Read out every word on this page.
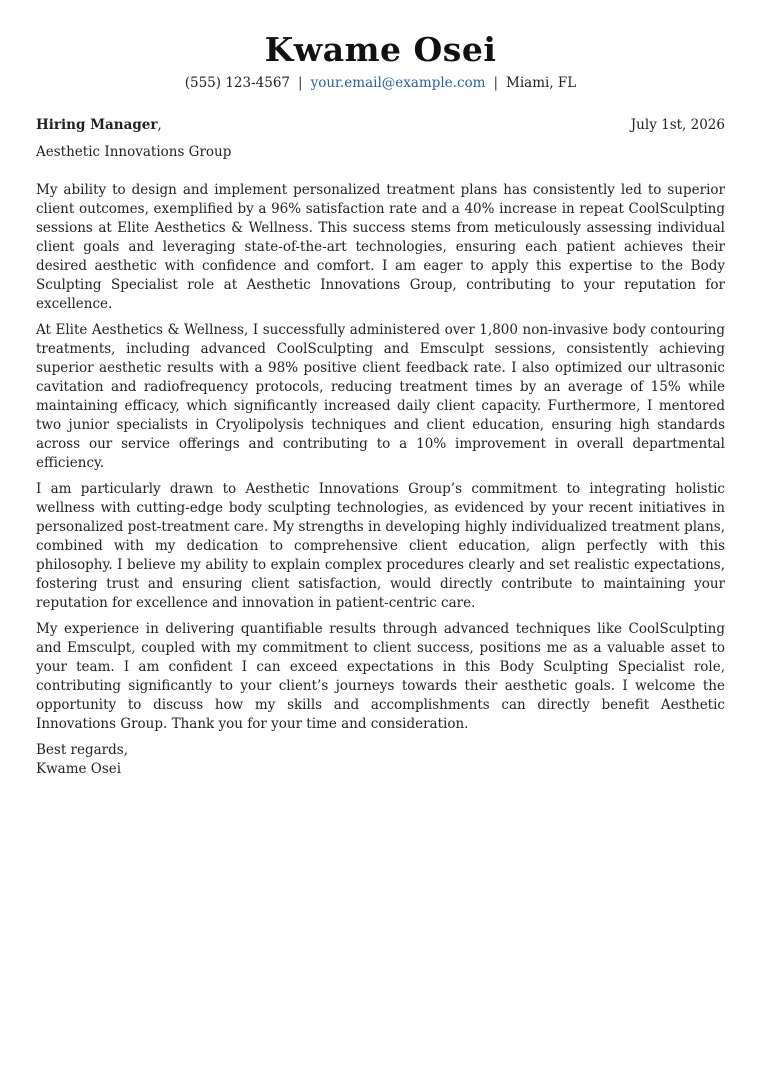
Kwame Osei
(555) 123-4567 | your.email@example.com | Miami, FL
Hiring Manager,	July 1st, 2026
Aesthetic Innovations Group

My ability to design and implement personalized treatment plans has consistently led to superior client outcomes, exemplified by a 96% satisfaction rate and a 40% increase in repeat CoolSculpting sessions at Elite Aesthetics & Wellness. This success stems from meticulously assessing individual client goals and leveraging state-of-the-art technologies, ensuring each patient achieves their desired aesthetic with confidence and comfort. I am eager to apply this expertise to the Body Sculpting Specialist role at Aesthetic Innovations Group, contributing to your reputation for excellence.

At Elite Aesthetics & Wellness, I successfully administered over 1,800 non-invasive body contouring treatments, including advanced CoolSculpting and Emsculpt sessions, consistently achieving superior aesthetic results with a 98% positive client feedback rate. I also optimized our ultrasonic cavitation and radiofrequency protocols, reducing treatment times by an average of 15% while maintaining efficacy, which significantly increased daily client capacity. Furthermore, I mentored two junior specialists in Cryolipolysis techniques and client education, ensuring high standards across our service offerings and contributing to a 10% improvement in overall departmental efficiency.

I am particularly drawn to Aesthetic Innovations Group’s commitment to integrating holistic wellness with cutting-edge body sculpting technologies, as evidenced by your recent initiatives in personalized post-treatment care. My strengths in developing highly individualized treatment plans, combined with my dedication to comprehensive client education, align perfectly with this philosophy. I believe my ability to explain complex procedures clearly and set realistic expectations, fostering trust and ensuring client satisfaction, would directly contribute to maintaining your reputation for excellence and innovation in patient-centric care.

My experience in delivering quantifiable results through advanced techniques like CoolSculpting and Emsculpt, coupled with my commitment to client success, positions me as a valuable asset to your team. I am confident I can exceed expectations in this Body Sculpting Specialist role, contributing significantly to your client’s journeys towards their aesthetic goals. I welcome the opportunity to discuss how my skills and accomplishments can directly benefit Aesthetic Innovations Group. Thank you for your time and consideration.

Best regards,
Kwame Osei
